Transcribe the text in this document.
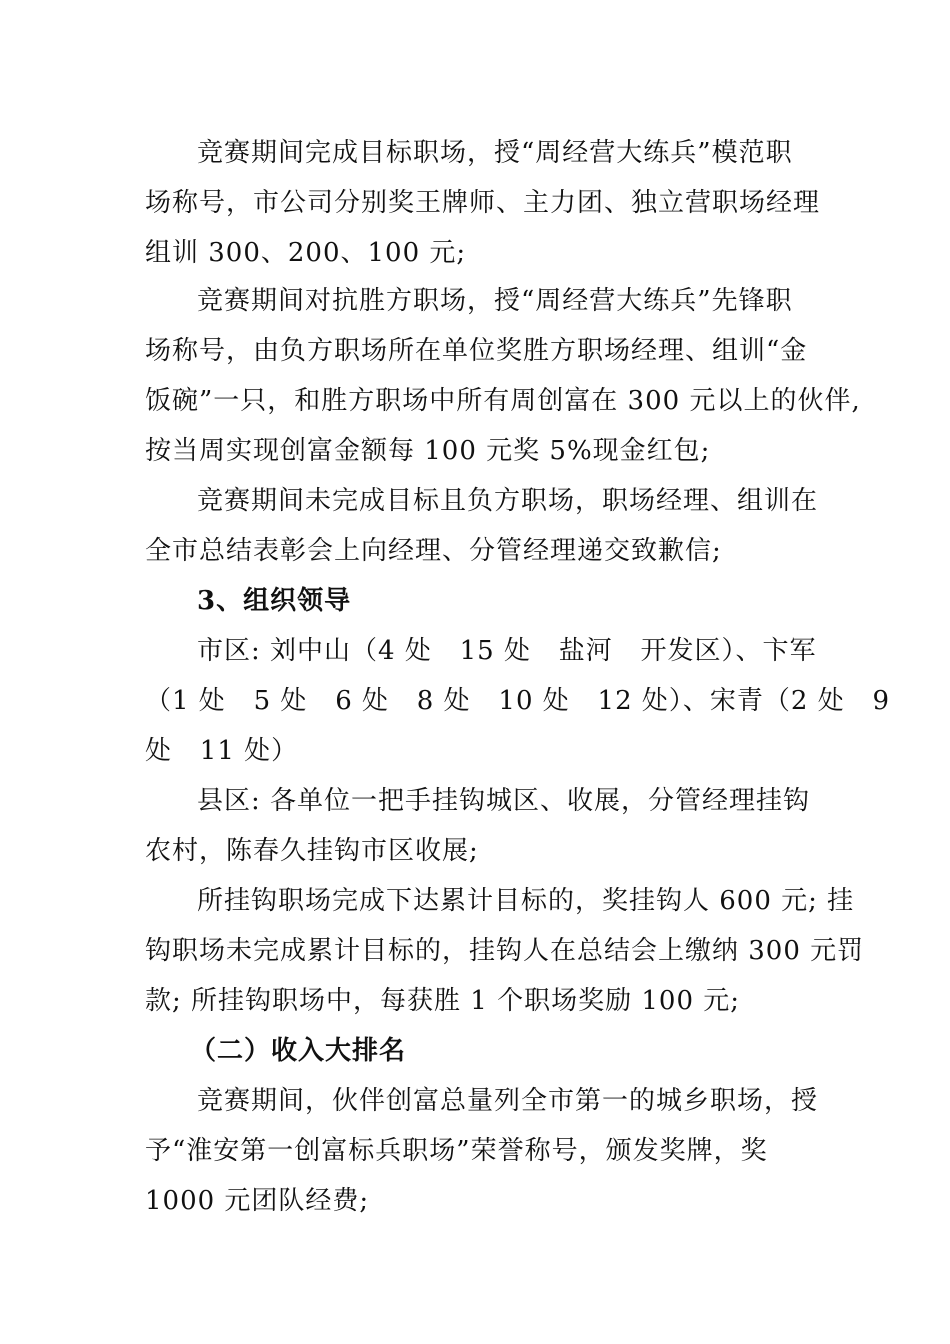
竞赛期间完成目标职场，授“周经营大练兵”模范职
场称号，市公司分别奖王牌师、主力团、独立营职场经理
组训 300、200、100 元;
竞赛期间对抗胜方职场，授“周经营大练兵”先锋职
场称号，由负方职场所在单位奖胜方职场经理、组训“金
饭碗”一只，和胜方职场中所有周创富在 300 元以上的伙伴,
按当周实现创富金额每 100 元奖 5%现金红包;
竞赛期间未完成目标且负方职场，职场经理、组训在
全市总结表彰会上向经理、分管经理递交致歉信;
3、组织领导
市区: 刘中山（4 处   15 处   盐河   开发区）、卞军
（1 处   5 处   6 处   8 处   10 处   12 处）、宋青（2 处   9
处   11 处）
县区: 各单位一把手挂钩城区、收展，分管经理挂钩
农村，陈春久挂钩市区收展;
所挂钩职场完成下达累计目标的，奖挂钩人 600 元; 挂
钩职场未完成累计目标的，挂钩人在总结会上缴纳 300 元罚
款; 所挂钩职场中，每获胜 1 个职场奖励 100 元;
（二）收入大排名
竞赛期间，伙伴创富总量列全市第一的城乡职场，授
予“淮安第一创富标兵职场”荣誉称号，颁发奖牌，奖
1000 元团队经费;
